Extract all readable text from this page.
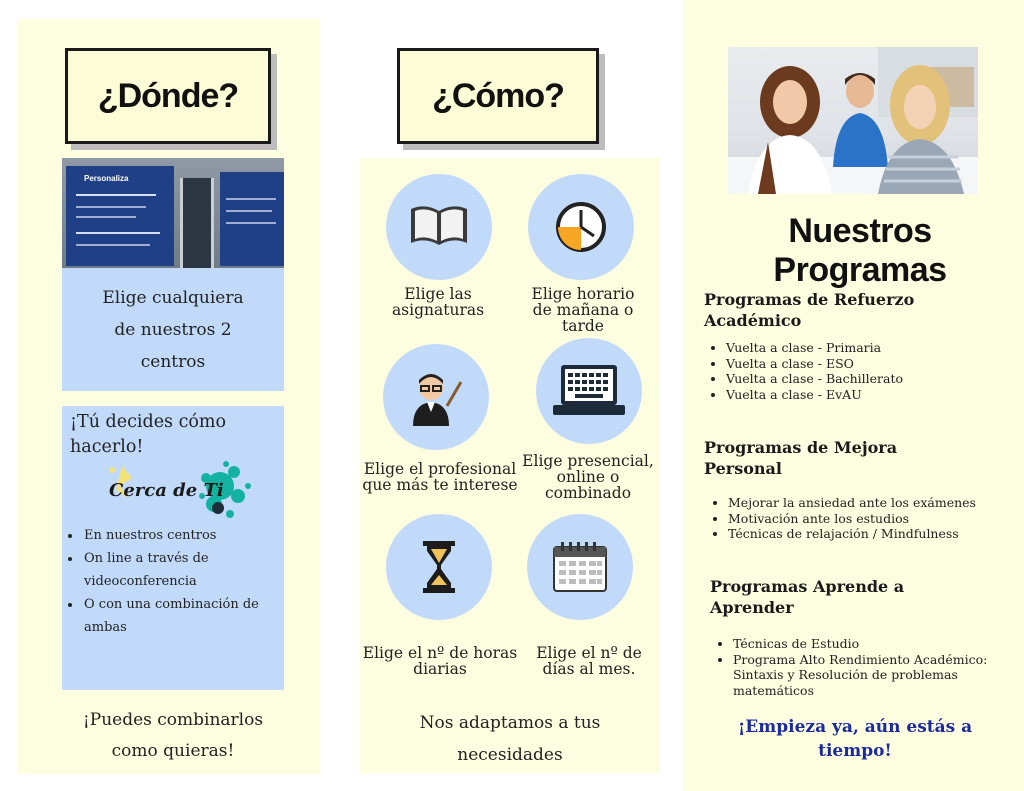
¿Dónde?
Personaliza
Elige cualquiera
de nuestros 2
centros
¡Tú decides cómo hacerlo!
Cerca de Ti
• En nuestros centros
• On line a través de videoconferencia
• O con una combinación de ambas
¡Puedes combinarlos
como quieras!
¿Cómo?
Elige las asignaturas
Elige horario de mañana o tarde
Elige el profesional que más te interese
Elige presencial, online o combinado
Elige el nº de horas diarias
Elige el nº de días al mes.
Nos adaptamos a tus
necesidades
Nuestros Programas
Programas de Refuerzo Académico
• Vuelta a clase - Primaria
• Vuelta a clase - ESO
• Vuelta a clase - Bachillerato
• Vuelta a clase - EvAU
Programas de Mejora Personal
• Mejorar la ansiedad ante los exámenes
• Motivación ante los estudios
• Técnicas de relajación / Mindfulness
Programas Aprende a Aprender
• Técnicas de Estudio
• Programa Alto Rendimiento Académico: Sintaxis y Resolución de problemas matemáticos
¡Empieza ya, aún estás a tiempo!
